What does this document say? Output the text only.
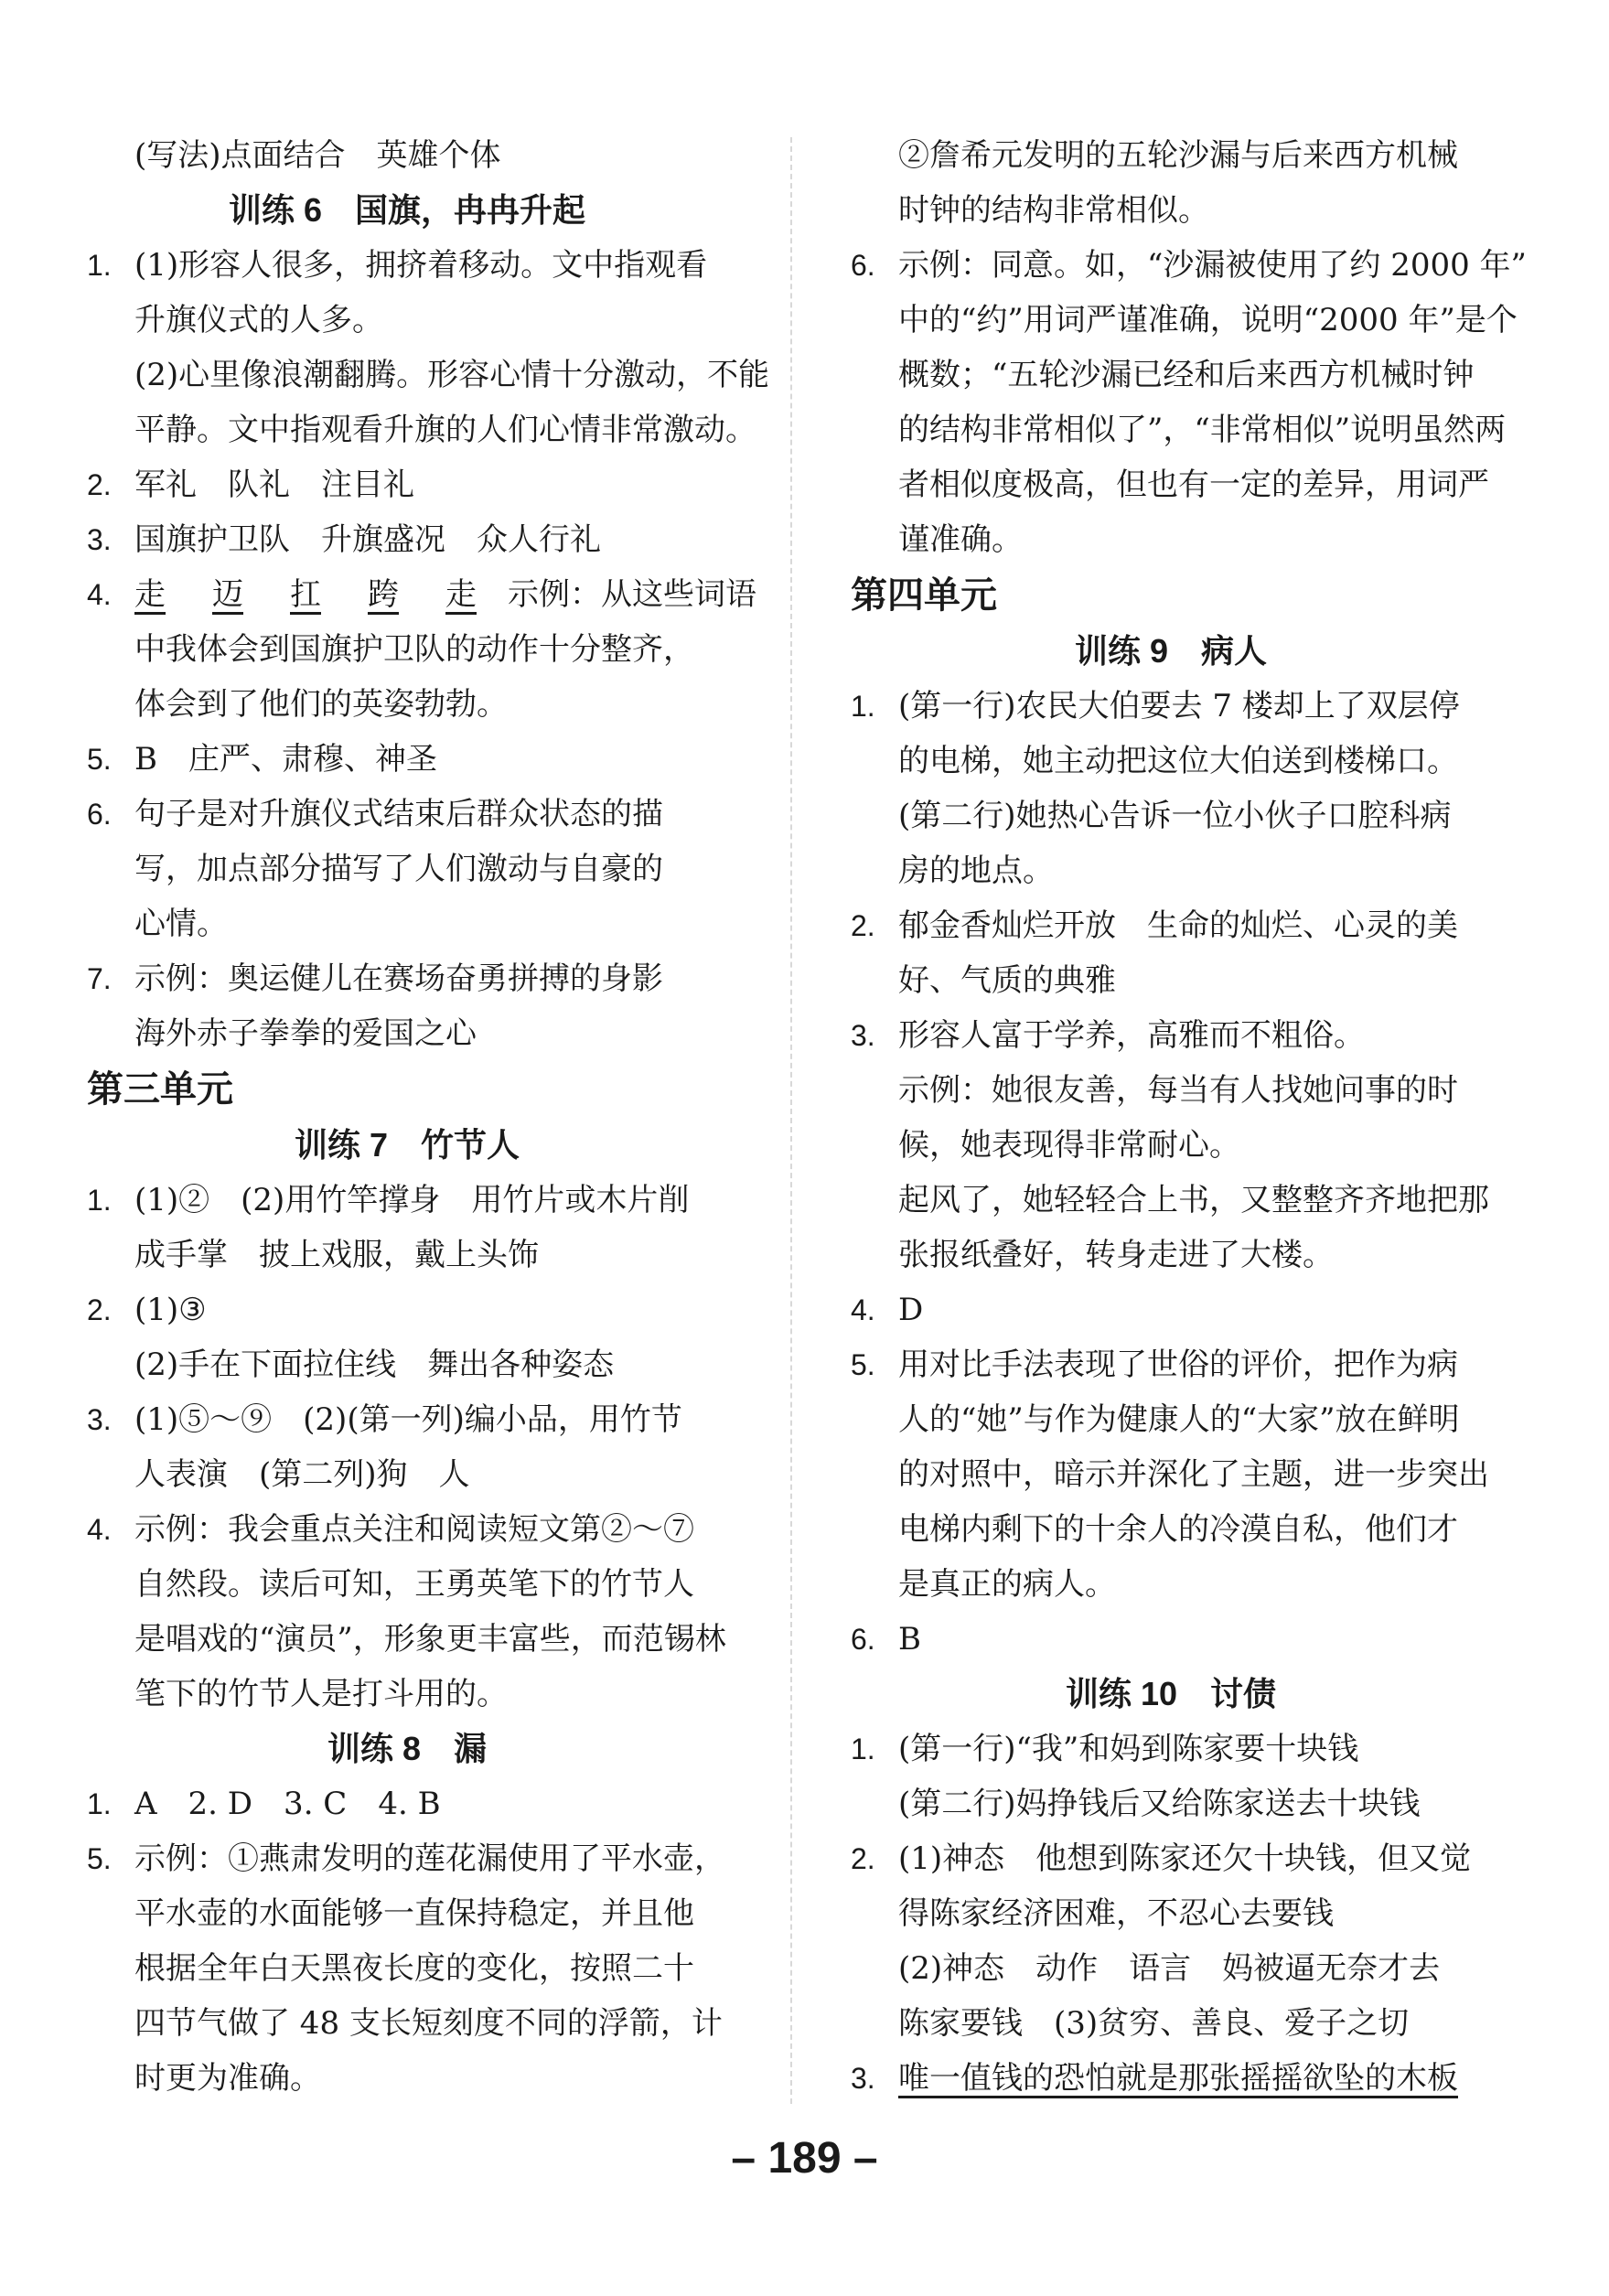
(写法)点面结合　英雄个体
训练 6　国旗，冉冉升起
1. (1)形容人很多，拥挤着移动。文中指观看
升旗仪式的人多。
(2)心里像浪潮翻腾。形容心情十分激动，不能
平静。文中指观看升旗的人们心情非常激动。
2. 军礼　队礼　注目礼
3. 国旗护卫队　升旗盛况　众人行礼
4. 走   迈   扛   跨   走  示例：从这些词语
中我体会到国旗护卫队的动作十分整齐，
体会到了他们的英姿勃勃。
5. B　庄严、肃穆、神圣
6. 句子是对升旗仪式结束后群众状态的描
写，加点部分描写了人们激动与自豪的
心情。
7. 示例：奥运健儿在赛场奋勇拼搏的身影
海外赤子拳拳的爱国之心
第三单元
训练 7　竹节人
1. (1)②　(2)用竹竿撑身　用竹片或木片削
成手掌　披上戏服，戴上头饰
2. (1)③
(2)手在下面拉住线　舞出各种姿态
3. (1)⑤～⑨　(2)(第一列)编小品，用竹节
人表演　(第二列)狗　人
4. 示例：我会重点关注和阅读短文第②～⑦
自然段。读后可知，王勇英笔下的竹节人
是唱戏的“演员”，形象更丰富些，而范锡林
笔下的竹节人是打斗用的。
训练 8　漏
1. A　2. D　3. C　4. B
5. 示例：①燕肃发明的莲花漏使用了平水壶，
平水壶的水面能够一直保持稳定，并且他
根据全年白天黑夜长度的变化，按照二十
四节气做了 48 支长短刻度不同的浮箭，计
时更为准确。
②詹希元发明的五轮沙漏与后来西方机械
时钟的结构非常相似。
6. 示例：同意。如，“沙漏被使用了约 2000 年”
中的“约”用词严谨准确，说明“2000 年”是个
概数；“五轮沙漏已经和后来西方机械时钟
的结构非常相似了”，“非常相似”说明虽然两
者相似度极高，但也有一定的差异，用词严
谨准确。
第四单元
训练 9　病人
1. (第一行)农民大伯要去 7 楼却上了双层停
的电梯，她主动把这位大伯送到楼梯口。
(第二行)她热心告诉一位小伙子口腔科病
房的地点。
2. 郁金香灿烂开放　生命的灿烂、心灵的美
好、气质的典雅
3. 形容人富于学养，高雅而不粗俗。
示例：她很友善，每当有人找她问事的时
候，她表现得非常耐心。
起风了，她轻轻合上书，又整整齐齐地把那
张报纸叠好，转身走进了大楼。
4. D
5. 用对比手法表现了世俗的评价，把作为病
人的“她”与作为健康人的“大家”放在鲜明
的对照中，暗示并深化了主题，进一步突出
电梯内剩下的十余人的冷漠自私，他们才
是真正的病人。
6. B
训练 10　讨债
1. (第一行)“我”和妈到陈家要十块钱
(第二行)妈挣钱后又给陈家送去十块钱
2. (1)神态　他想到陈家还欠十块钱，但又觉
得陈家经济困难，不忍心去要钱
(2)神态　动作　语言　妈被逼无奈才去
陈家要钱　(3)贫穷、善良、爱子之切
3. 唯一值钱的恐怕就是那张摇摇欲坠的木板
– 189 –
